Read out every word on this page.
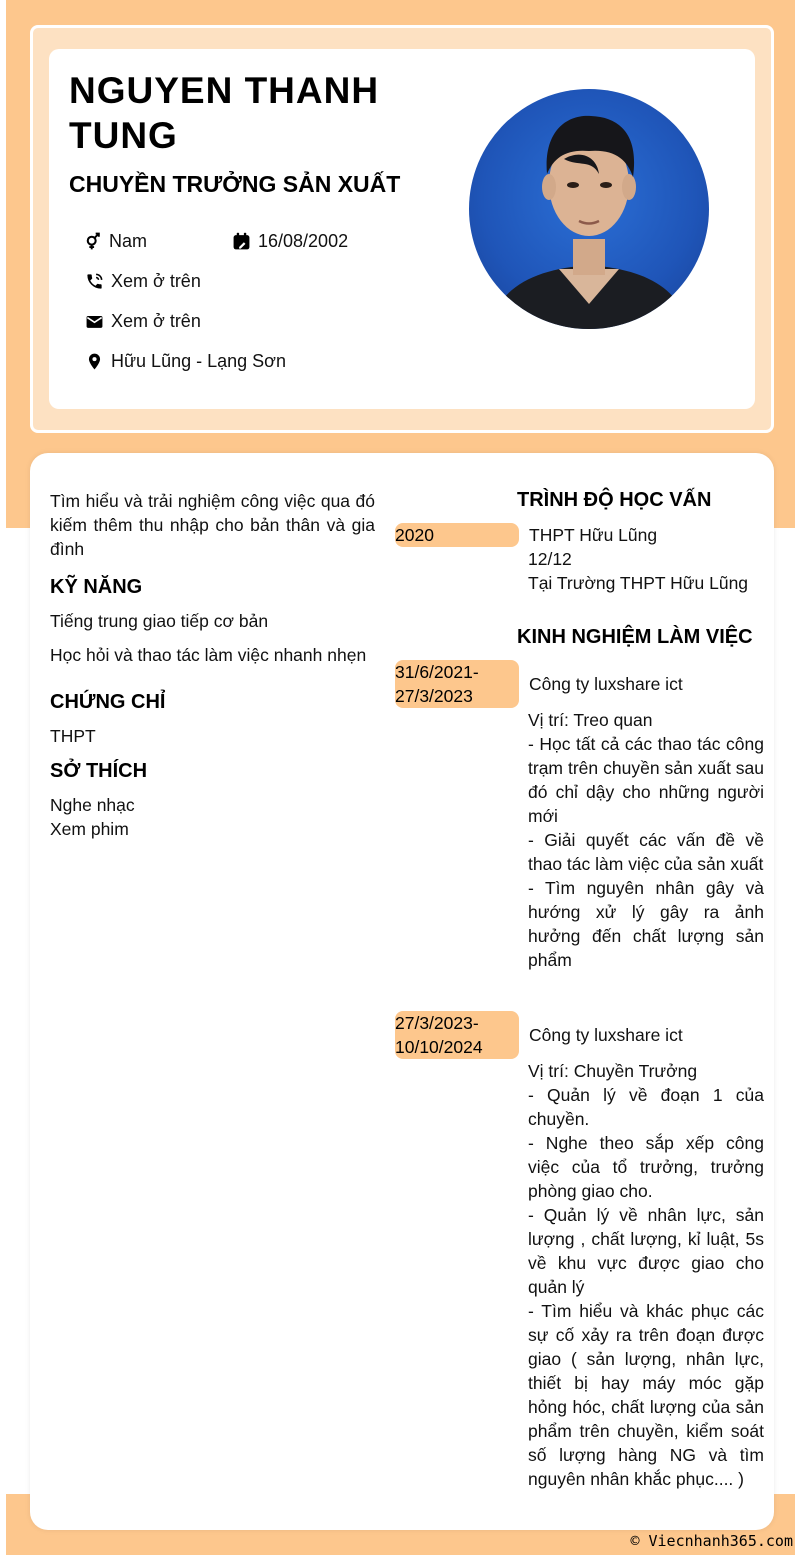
NGUYEN THANH TUNG
CHUYỀN TRƯỞNG SẢN XUẤT
Nam	16/08/2002
Xem ở trên
Xem ở trên
Hữu Lũng - Lạng Sơn

Tìm hiểu và trải nghiệm công việc qua đó kiếm thêm thu nhập cho bản thân và gia đình

KỸ NĂNG

Tiếng trung giao tiếp cơ bản

Học hỏi và thao tác làm việc nhanh nhẹn

CHỨNG CHỈ

THPT

SỞ THÍCH

Nghe nhạc

Xem phim

TRÌNH ĐỘ HỌC VẤN
2020	THPT Hữu Lũng
12/12
Tại Trường THPT Hữu Lũng
KINH NGHIỆM LÀM VIỆC
31/6/2021-27/3/2023
Công ty luxshare ict
Vị trí: Treo quan
- Học tất cả các thao tác công trạm trên chuyền sản xuất sau đó chỉ dậy cho những người mới
- Giải quyết các vấn đề về thao tác làm việc của sản xuất
- Tìm nguyên nhân gây và hướng xử lý gây ra ảnh hưởng đến chất lượng sản phẩm
27/3/2023-10/10/2024
Công ty luxshare ict
Vị trí: Chuyền Trưởng
- Quản lý về đoạn 1 của chuyền.
- Nghe theo sắp xếp công việc của tổ trưởng, trưởng phòng giao cho.
- Quản lý về nhân lực, sản lượng , chất lượng, kỉ luật, 5s về khu vực được giao cho quản lý
- Tìm hiểu và khác phục các sự cố xảy ra trên đoạn được giao ( sản lượng, nhân lực, thiết bị hay máy móc gặp hỏng hóc, chất lượng của sản phẩm trên chuyền, kiểm soát số lượng hàng NG và tìm nguyên nhân khắc phục.... )
© Viecnhanh365.com
